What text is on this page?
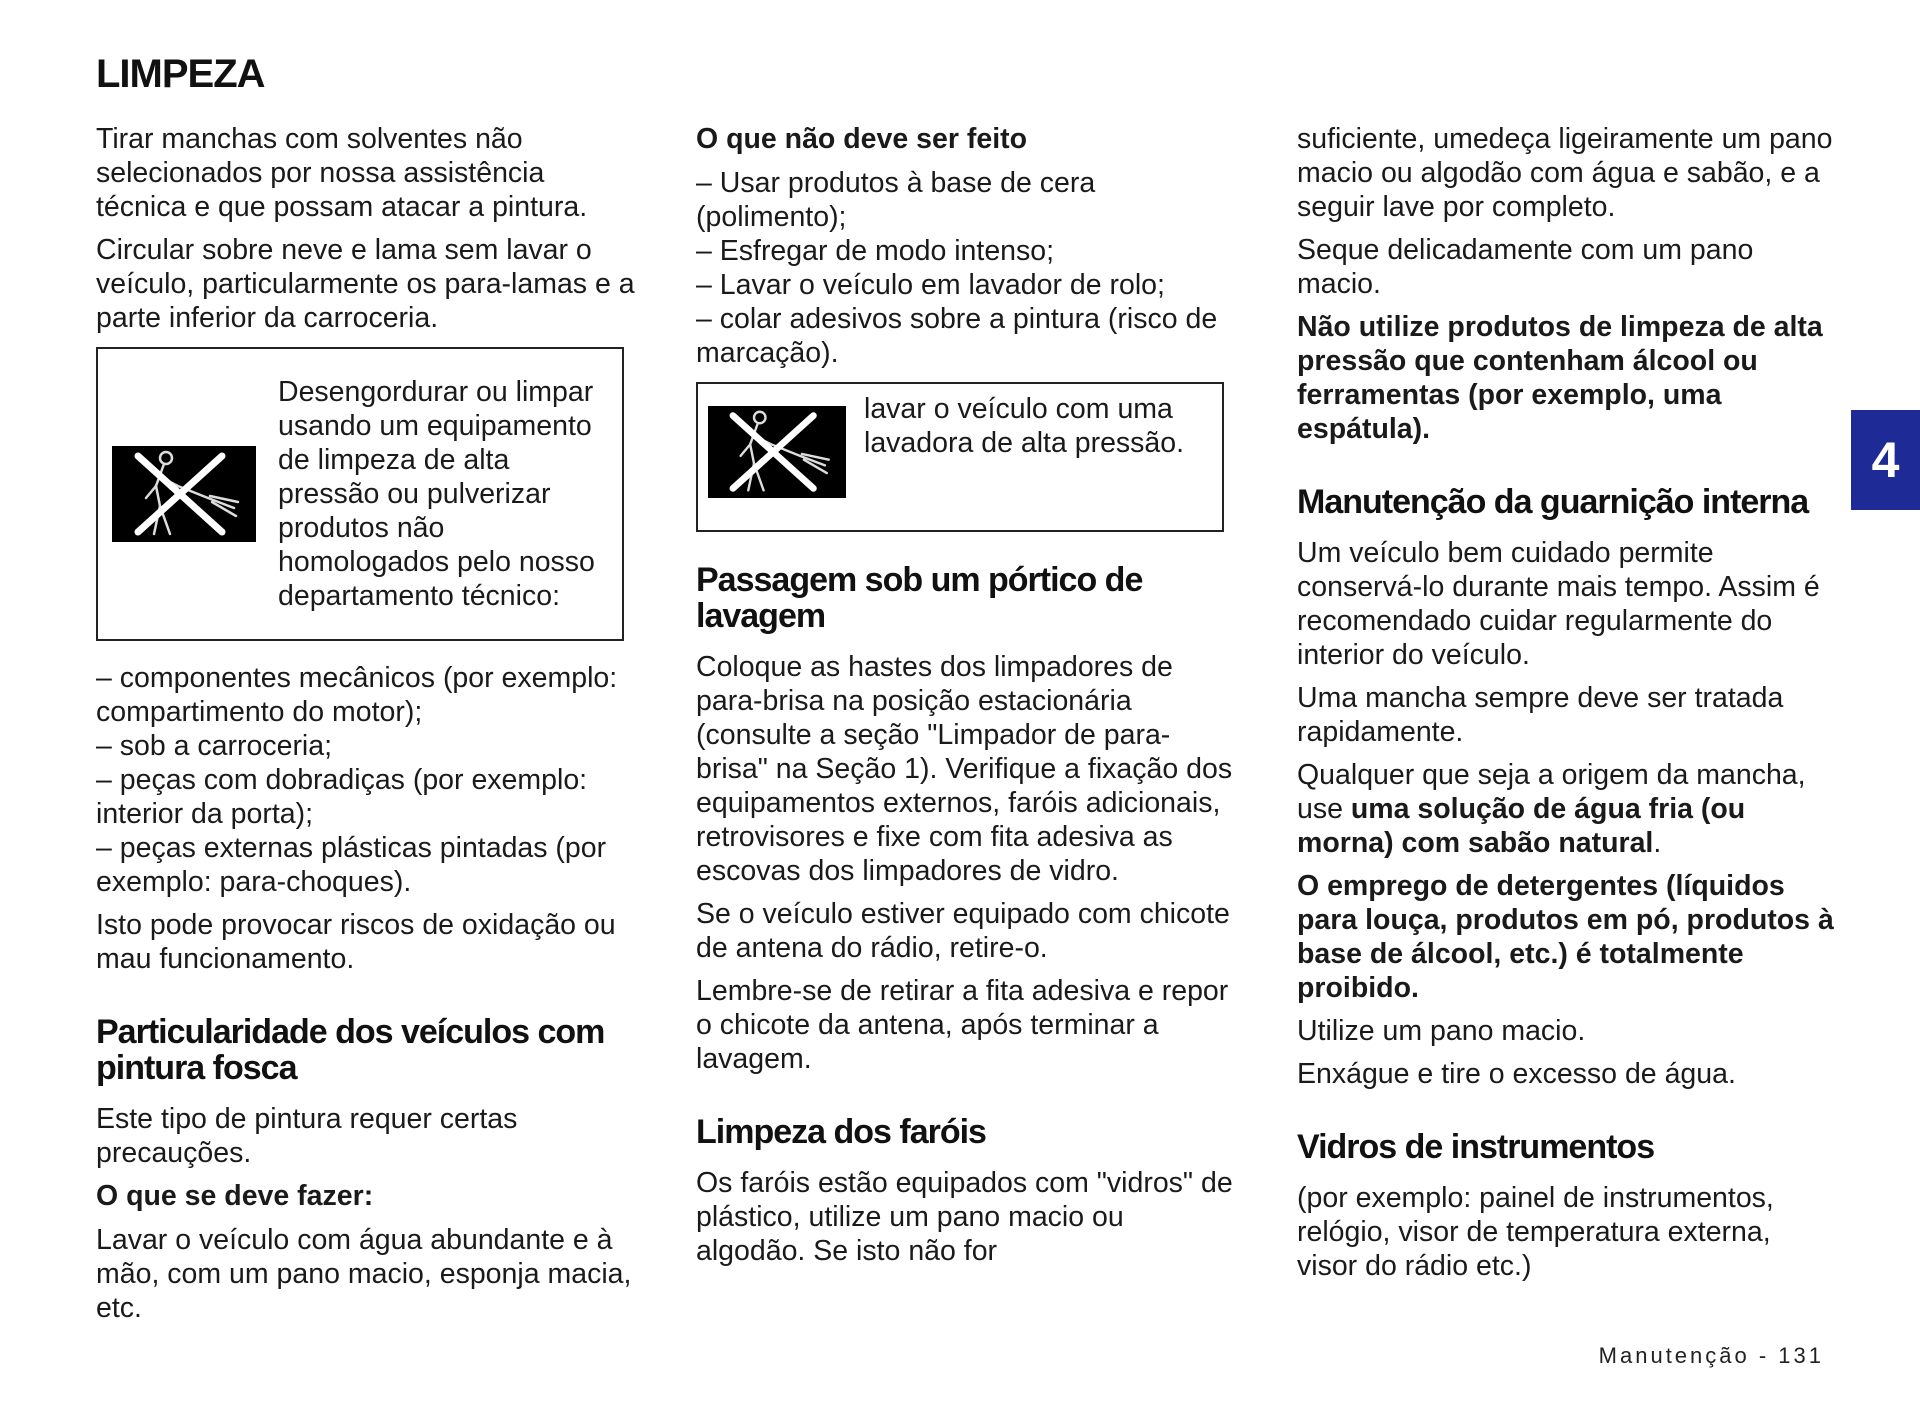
LIMPEZA

Tirar manchas com solventes não selecionados por nossa assistência técnica e que possam atacar a pintura.

Circular sobre neve e lama sem lavar o veículo, particularmente os para-lamas e a parte inferior da carroceria.

Desengordurar ou limpar usando um equipamento de limpeza de alta pressão ou pulverizar produtos não homologados pelo nosso departamento técnico:

– componentes mecânicos (por exemplo: compartimento do motor);

– sob a carroceria;

– peças com dobradiças (por exemplo: interior da porta);

– peças externas plásticas pintadas (por exemplo: para-choques).

Isto pode provocar riscos de oxidação ou mau funcionamento.

Particularidade dos veículos com pintura fosca

Este tipo de pintura requer certas precauções.

O que se deve fazer:

Lavar o veículo com água abundante e à mão, com um pano macio, esponja macia, etc.

O que não deve ser feito

– Usar produtos à base de cera (polimento);

– Esfregar de modo intenso;

– Lavar o veículo em lavador de rolo;

– colar adesivos sobre a pintura (risco de marcação).

lavar o veículo com uma lavadora de alta pressão.

Passagem sob um pórtico de lavagem

Coloque as hastes dos limpadores de para-brisa na posição estacionária (consulte a seção "Limpador de para-brisa" na Seção 1). Verifique a fixação dos equipamentos externos, faróis adicionais, retrovisores e fixe com fita adesiva as escovas dos limpadores de vidro.

Se o veículo estiver equipado com chicote de antena do rádio, retire-o.

Lembre-se de retirar a fita adesiva e repor o chicote da antena, após terminar a lavagem.

Limpeza dos faróis

Os faróis estão equipados com "vidros" de plástico, utilize um pano macio ou algodão. Se isto não for

suficiente, umedeça ligeiramente um pano macio ou algodão com água e sabão, e a seguir lave por completo.

Seque delicadamente com um pano macio.

Não utilize produtos de limpeza de alta pressão que contenham álcool ou ferramentas (por exemplo, uma espátula).

Manutenção da guarnição interna

Um veículo bem cuidado permite conservá-lo durante mais tempo. Assim é recomendado cuidar regularmente do interior do veículo.

Uma mancha sempre deve ser tratada rapidamente.

Qualquer que seja a origem da mancha, use uma solução de água fria (ou morna) com sabão natural.

O emprego de detergentes (líquidos para louça, produtos em pó, produtos à base de álcool, etc.) é totalmente proibido.

Utilize um pano macio.

Enxágue e tire o excesso de água.

Vidros de instrumentos

(por exemplo: painel de instrumentos, relógio, visor de temperatura externa, visor do rádio etc.)

4
Manutenção - 131
